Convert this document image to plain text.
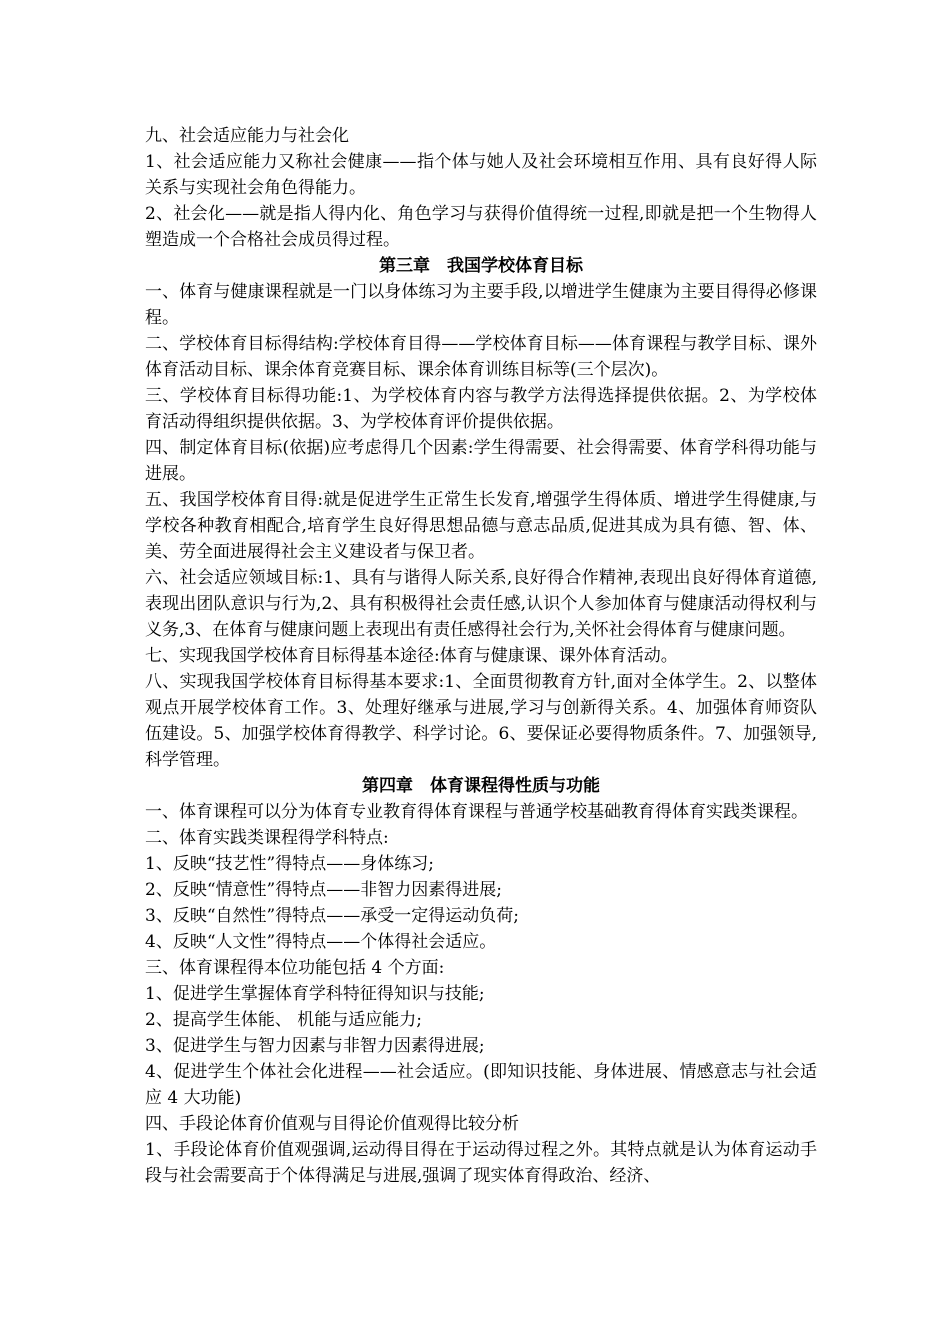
九、社会适应能力与社会化

1、社会适应能力又称社会健康——指个体与她人及社会环境相互作用、具有良好得人际关系与实现社会角色得能力。

2、社会化——就是指人得内化、角色学习与获得价值得统一过程,即就是把一个生物得人塑造成一个合格社会成员得过程。

第三章　我国学校体育目标

一、体育与健康课程就是一门以身体练习为主要手段,以增进学生健康为主要目得得必修课程。

二、学校体育目标得结构:学校体育目得——学校体育目标——体育课程与教学目标、课外体育活动目标、课余体育竞赛目标、课余体育训练目标等(三个层次)。

三、学校体育目标得功能:1、为学校体育内容与教学方法得选择提供依据。2、为学校体育活动得组织提供依据。3、为学校体育评价提供依据。

四、制定体育目标(依据)应考虑得几个因素:学生得需要、社会得需要、体育学科得功能与进展。

五、我国学校体育目得:就是促进学生正常生长发育,增强学生得体质、增进学生得健康,与学校各种教育相配合,培育学生良好得思想品德与意志品质,促进其成为具有德、智、体、美、劳全面进展得社会主义建设者与保卫者。

六、社会适应领域目标:1、具有与谐得人际关系,良好得合作精神,表现出良好得体育道德,表现出团队意识与行为,2、具有积极得社会责任感,认识个人参加体育与健康活动得权利与义务,3、在体育与健康问题上表现出有责任感得社会行为,关怀社会得体育与健康问题。

七、实现我国学校体育目标得基本途径:体育与健康课、课外体育活动。

八、实现我国学校体育目标得基本要求:1、全面贯彻教育方针,面对全体学生。2、以整体观点开展学校体育工作。3、处理好继承与进展,学习与创新得关系。4、加强体育师资队伍建设。5、加强学校体育得教学、科学讨论。6、要保证必要得物质条件。7、加强领导,科学管理。

第四章　体育课程得性质与功能

一、体育课程可以分为体育专业教育得体育课程与普通学校基础教育得体育实践类课程。

二、体育实践类课程得学科特点:

1、反映“技艺性”得特点——身体练习;

2、反映“情意性”得特点——非智力因素得进展;

3、反映“自然性”得特点——承受一定得运动负荷;

4、反映“人文性”得特点——个体得社会适应。

三、体育课程得本位功能包括 4 个方面:

1、促进学生掌握体育学科特征得知识与技能;

2、提高学生体能、 机能与适应能力;

3、促进学生与智力因素与非智力因素得进展;

4、促进学生个体社会化进程——社会适应。(即知识技能、身体进展、情感意志与社会适应 4 大功能)

四、手段论体育价值观与目得论价值观得比较分析

1、手段论体育价值观强调,运动得目得在于运动得过程之外。其特点就是认为体育运动手段与社会需要高于个体得满足与进展,强调了现实体育得政治、经济、
